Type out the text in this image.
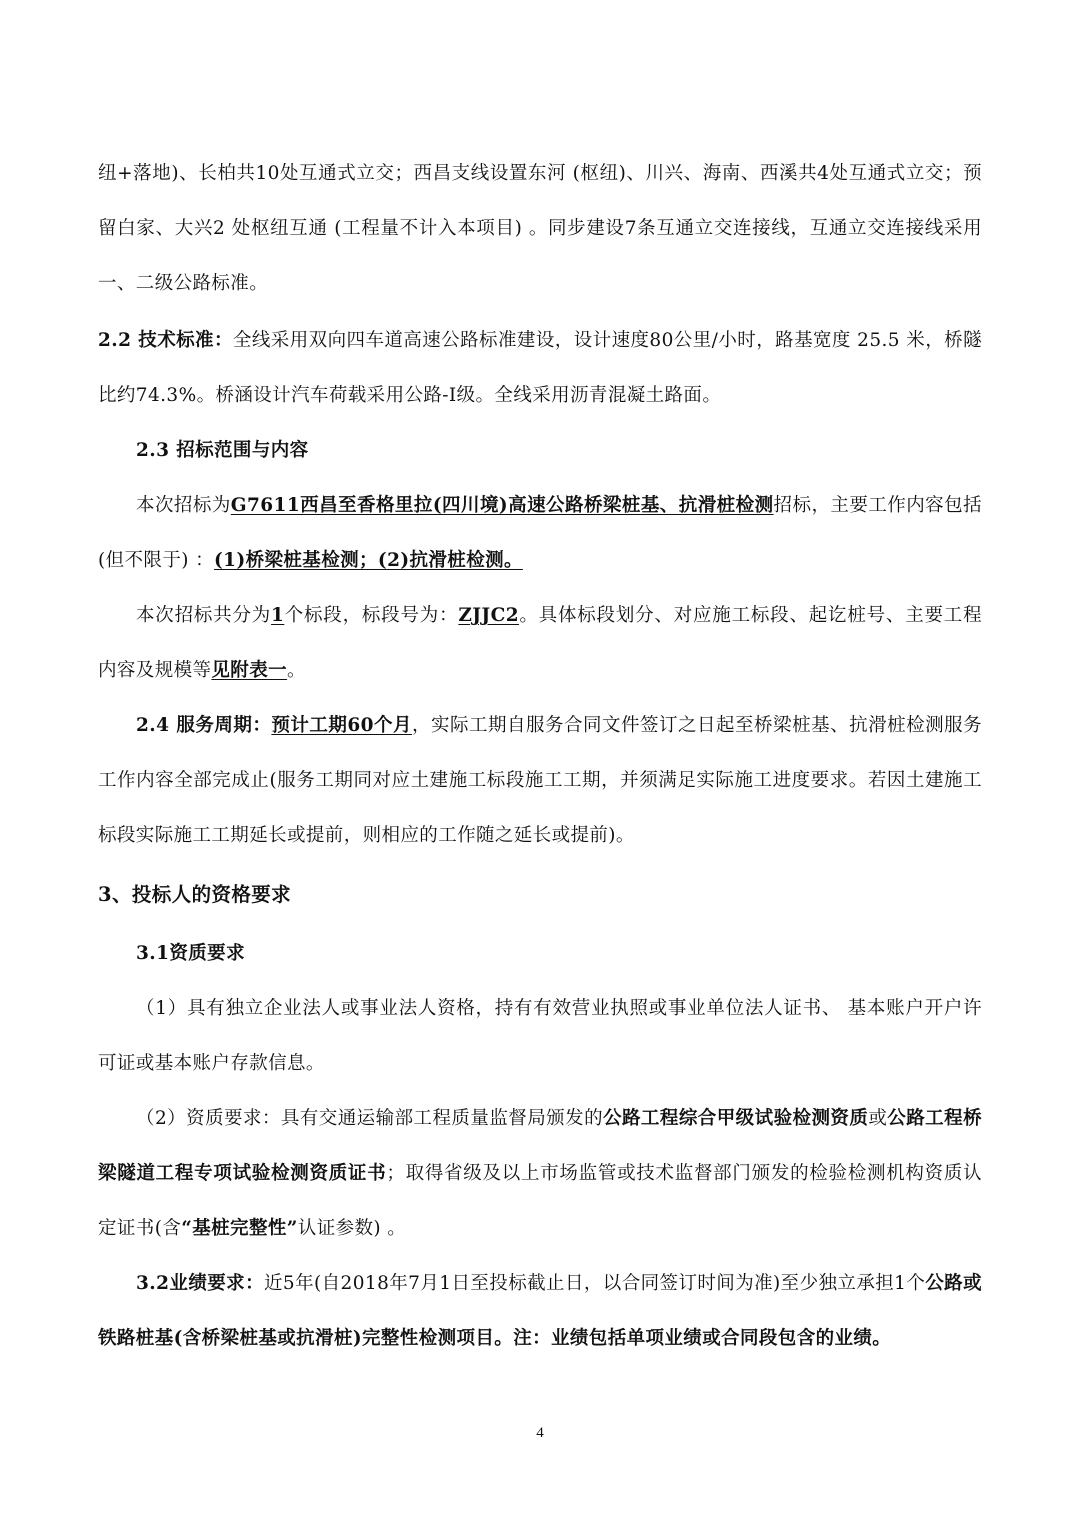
纽+落地)、长柏共10处互通式立交；西昌支线设置东河 (枢纽)、川兴、海南、西溪共4处互通式立交；预留白家、大兴2 处枢纽互通 (工程量不计入本项目) 。同步建设7条互通立交连接线，互通立交连接线采用一、二级公路标准。

2.2 技术标准：全线采用双向四车道高速公路标准建设，设计速度80公里/小时，路基宽度 25.5 米，桥隧比约74.3%。桥涵设计汽车荷载采用公路-I级。全线采用沥青混凝土路面。

2.3 招标范围与内容

本次招标为G7611西昌至香格里拉(四川境)高速公路桥梁桩基、抗滑桩检测招标，主要工作内容包括(但不限于) ：(1)桥梁桩基检测；(2)抗滑桩检测。

本次招标共分为1个标段，标段号为：ZJJC2。具体标段划分、对应施工标段、起讫桩号、主要工程内容及规模等见附表一。

2.4 服务周期：预计工期60个月，实际工期自服务合同文件签订之日起至桥梁桩基、抗滑桩检测服务工作内容全部完成止(服务工期同对应土建施工标段施工工期，并须满足实际施工进度要求。若因土建施工标段实际施工工期延长或提前，则相应的工作随之延长或提前)。

3、投标人的资格要求

3.1资质要求

（1）具有独立企业法人或事业法人资格，持有有效营业执照或事业单位法人证书、 基本账户开户许可证或基本账户存款信息。

（2）资质要求：具有交通运输部工程质量监督局颁发的公路工程综合甲级试验检测资质或公路工程桥梁隧道工程专项试验检测资质证书；取得省级及以上市场监管或技术监督部门颁发的检验检测机构资质认定证书(含“基桩完整性”认证参数) 。

3.2业绩要求：近5年(自2018年7月1日至投标截止日，以合同签订时间为准)至少独立承担1个公路或铁路桩基(含桥梁桩基或抗滑桩)完整性检测项目。注：业绩包括单项业绩或合同段包含的业绩。

4
